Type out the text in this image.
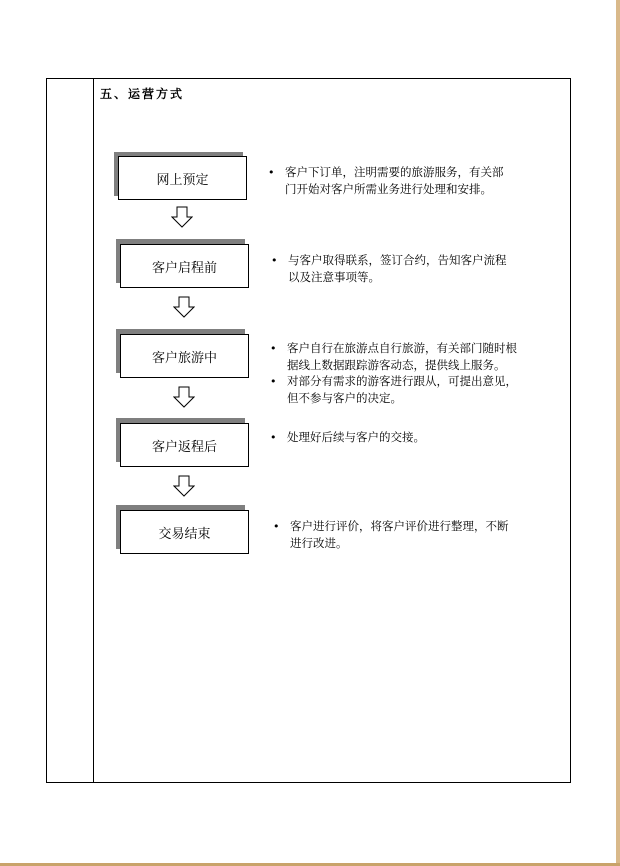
五、运营方式
网上预定	• 客户下订单，注明需要的旅游服务，有关部
门开始对客户所需业务进行处理和安排。
客户启程前	• 与客户取得联系，签订合约，告知客户流程
以及注意事项等。
客户旅游中
• 客户自行在旅游点自行旅游，有关部门随时根
据线上数据跟踪游客动态，提供线上服务。
• 对部分有需求的游客进行跟从，可提出意见，
但不参与客户的决定。
客户返程后
• 处理好后续与客户的交接。
交易结束	• 客户进行评价，将客户评价进行整理，不断
进行改进。
